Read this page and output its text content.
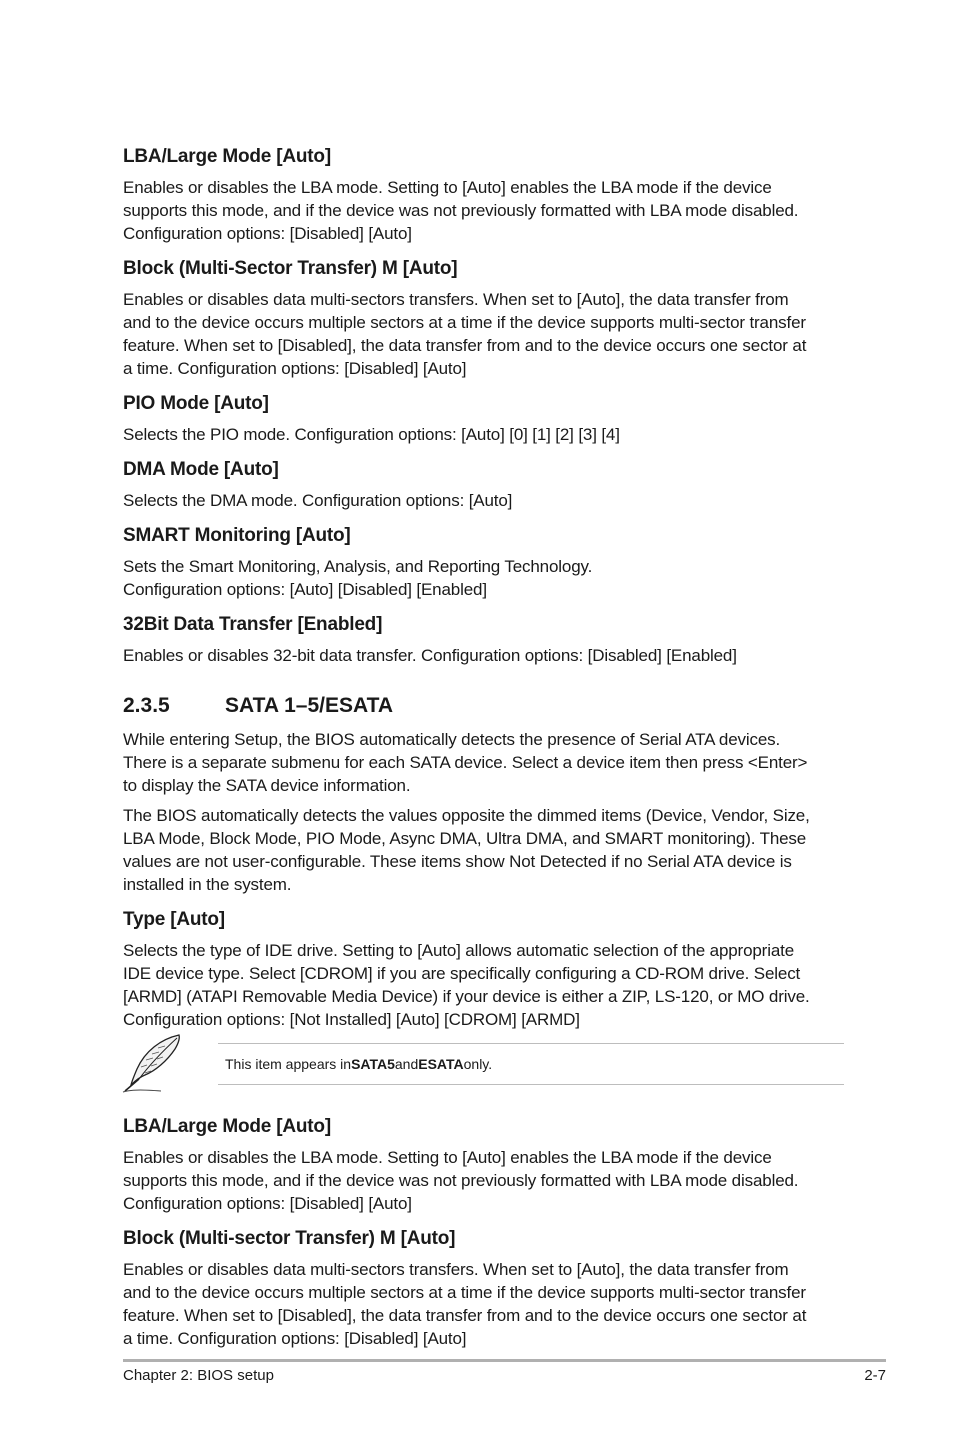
LBA/Large Mode [Auto]

Enables or disables the LBA mode. Setting to [Auto] enables the LBA mode if the device

supports this mode, and if the device was not previously formatted with LBA mode disabled.

Configuration options: [Disabled] [Auto]

Block (Multi-Sector Transfer) M [Auto]

Enables or disables data multi-sectors transfers. When set to [Auto], the data transfer from

and to the device occurs multiple sectors at a time if the device supports multi-sector transfer

feature. When set to [Disabled], the data transfer from and to the device occurs one sector at

a time. Configuration options: [Disabled] [Auto]

PIO Mode [Auto]

Selects the PIO mode. Configuration options: [Auto] [0] [1] [2] [3] [4]

DMA Mode [Auto]

Selects the DMA mode. Configuration options: [Auto]

SMART Monitoring [Auto]

Sets the Smart Monitoring, Analysis, and Reporting Technology.

Configuration options: [Auto] [Disabled] [Enabled]

32Bit Data Transfer [Enabled]

Enables or disables 32-bit data transfer. Configuration options: [Disabled] [Enabled]

2.3.5	SATA 1–5/ESATA

While entering Setup, the BIOS automatically detects the presence of Serial ATA devices.

There is a separate submenu for each SATA device. Select a device item then press <Enter>

to display the SATA device information.

The BIOS automatically detects the values opposite the dimmed items (Device, Vendor, Size,

LBA Mode, Block Mode, PIO Mode, Async DMA, Ultra DMA, and SMART monitoring). These

values are not user-configurable. These items show Not Detected if no Serial ATA device is

installed in the system.

Type [Auto]

Selects the type of IDE drive. Setting to [Auto] allows automatic selection of the appropriate

IDE device type. Select [CDROM] if you are specifically configuring a CD-ROM drive. Select

[ARMD] (ATAPI Removable Media Device) if your device is either a ZIP, LS-120, or MO drive.

Configuration options: [Not Installed] [Auto] [CDROM] [ARMD]

This item appears in SATA5 and ESATA only.

LBA/Large Mode [Auto]

Enables or disables the LBA mode. Setting to [Auto] enables the LBA mode if the device

supports this mode, and if the device was not previously formatted with LBA mode disabled.

Configuration options: [Disabled] [Auto]

Block (Multi-sector Transfer) M [Auto]

Enables or disables data multi-sectors transfers. When set to [Auto], the data transfer from

and to the device occurs multiple sectors at a time if the device supports multi-sector transfer

feature. When set to [Disabled], the data transfer from and to the device occurs one sector at

a time. Configuration options: [Disabled] [Auto]

Chapter 2: BIOS setup	2-7
